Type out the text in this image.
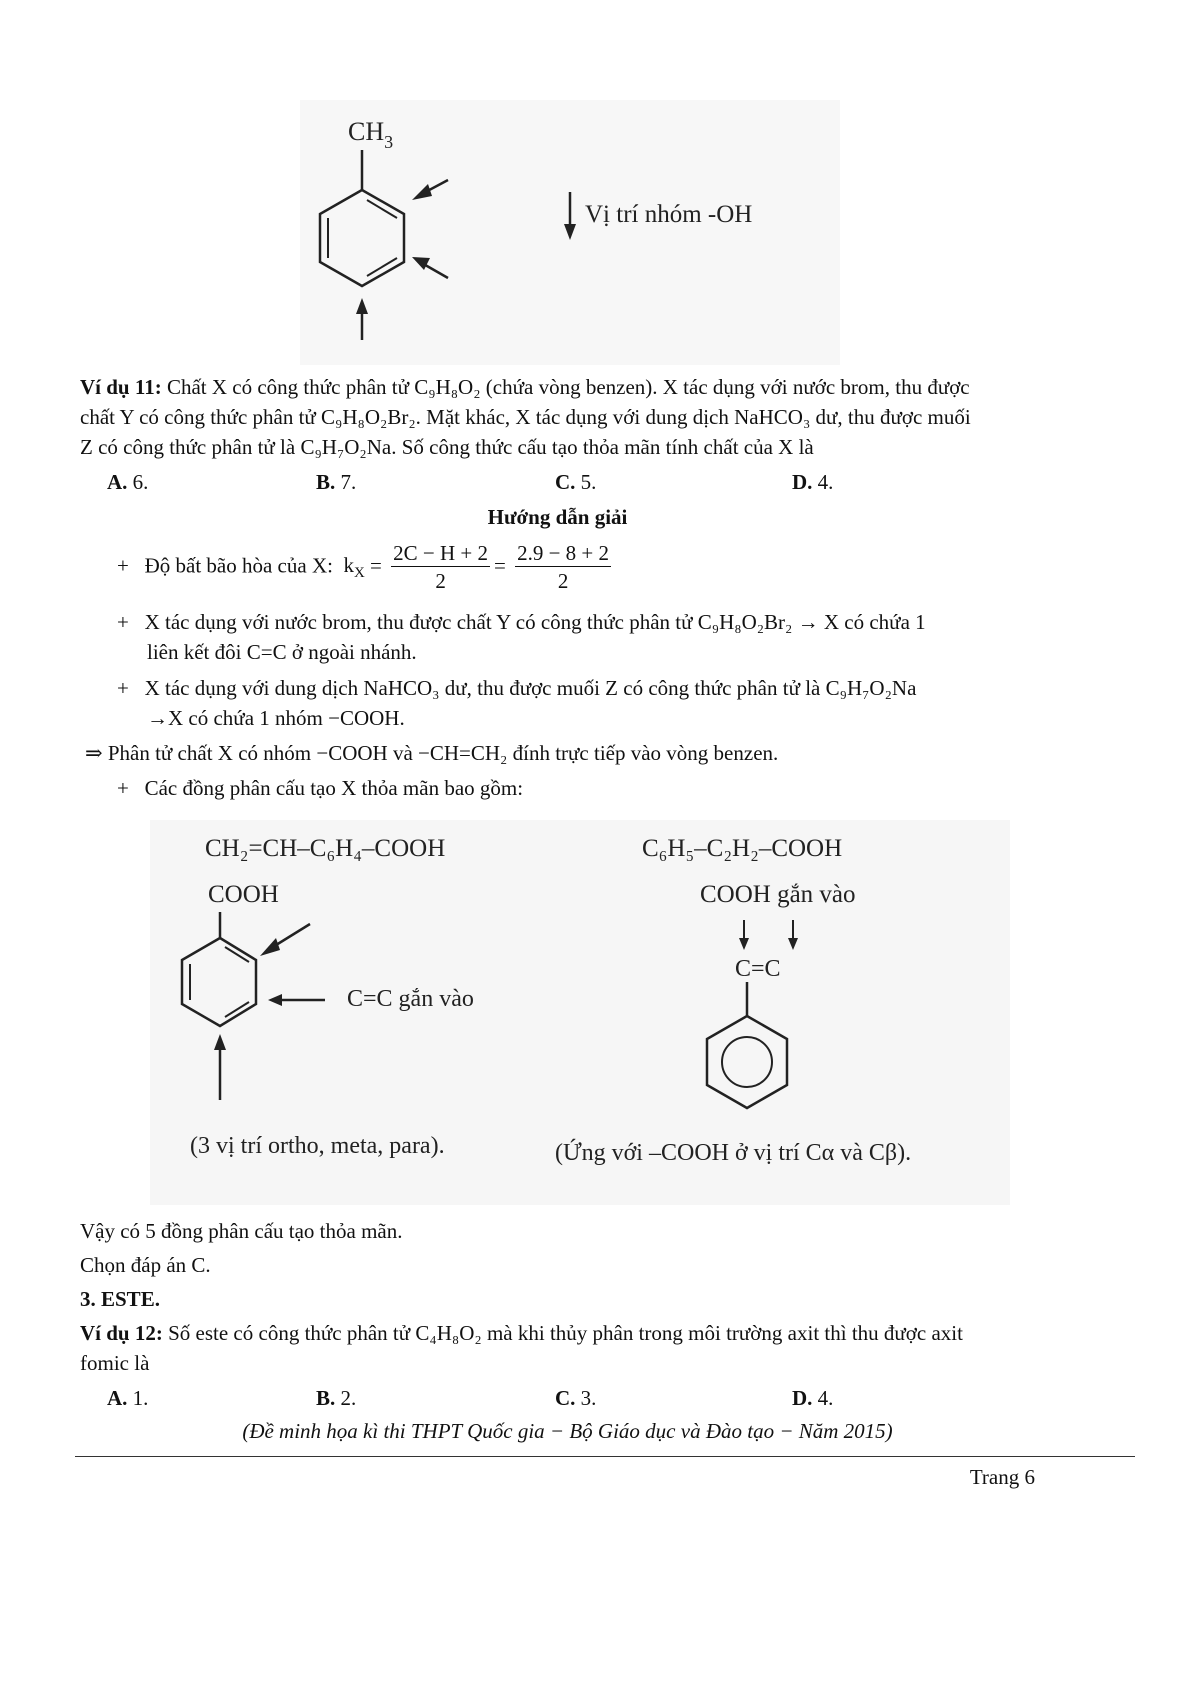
$CH_3$
Vị trí nhóm -OH
Ví dụ 11: Chất X có công thức phân tử C₉H₈O₂ (chứa vòng benzen). X tác dụng với nước brom, thu được
chất Y có công thức phân tử C₉H₈O₂Br₂. Mặt khác, X tác dụng với dung dịch NaHCO₃ dư, thu được muối
Z có công thức phân tử là C₉H₇O₂Na. Số công thức cấu tạo thỏa mãn tính chất của X là
A. 6.	B. 7.	C. 5.	D. 4.
Hướng dẫn giải
+ Độ bất bão hòa của X: $k_X = \frac{2C - H + 2}{2} = \frac{2.9 - 8 + 2}{2}$
+ X tác dụng với nước brom, thu được chất Y có công thức phân tử C₉H₈O₂Br₂ → X có chứa 1
liên kết đôi C=C ở ngoài nhánh.
+ X tác dụng với dung dịch NaHCO₃ dư, thu được muối Z có công thức phân tử là C₉H₇O₂Na
→X có chứa 1 nhóm −COOH.
⇒ Phân tử chất X có nhóm −COOH và −CH=CH₂ đính trực tiếp vào vòng benzen.
+ Các đồng phân cấu tạo X thỏa mãn bao gồm:
CH₂=CH–C₆H₄–COOH
COOH
C=C gắn vào
(3 vị trí ortho, meta, para).
C₆H₅–C₂H₂–COOH
COOH gắn vào
C=C
(Ứng với –COOH ở vị trí Cα và Cβ).
Vậy có 5 đồng phân cấu tạo thỏa mãn.
Chọn đáp án C.
3. ESTE.
Ví dụ 12: Số este có công thức phân tử C₄H₈O₂ mà khi thủy phân trong môi trường axit thì thu được axit
fomic là
A. 1.	B. 2.	C. 3.	D. 4.
(Đề minh họa kì thi THPT Quốc gia − Bộ Giáo dục và Đào tạo − Năm 2015)
Trang 6
